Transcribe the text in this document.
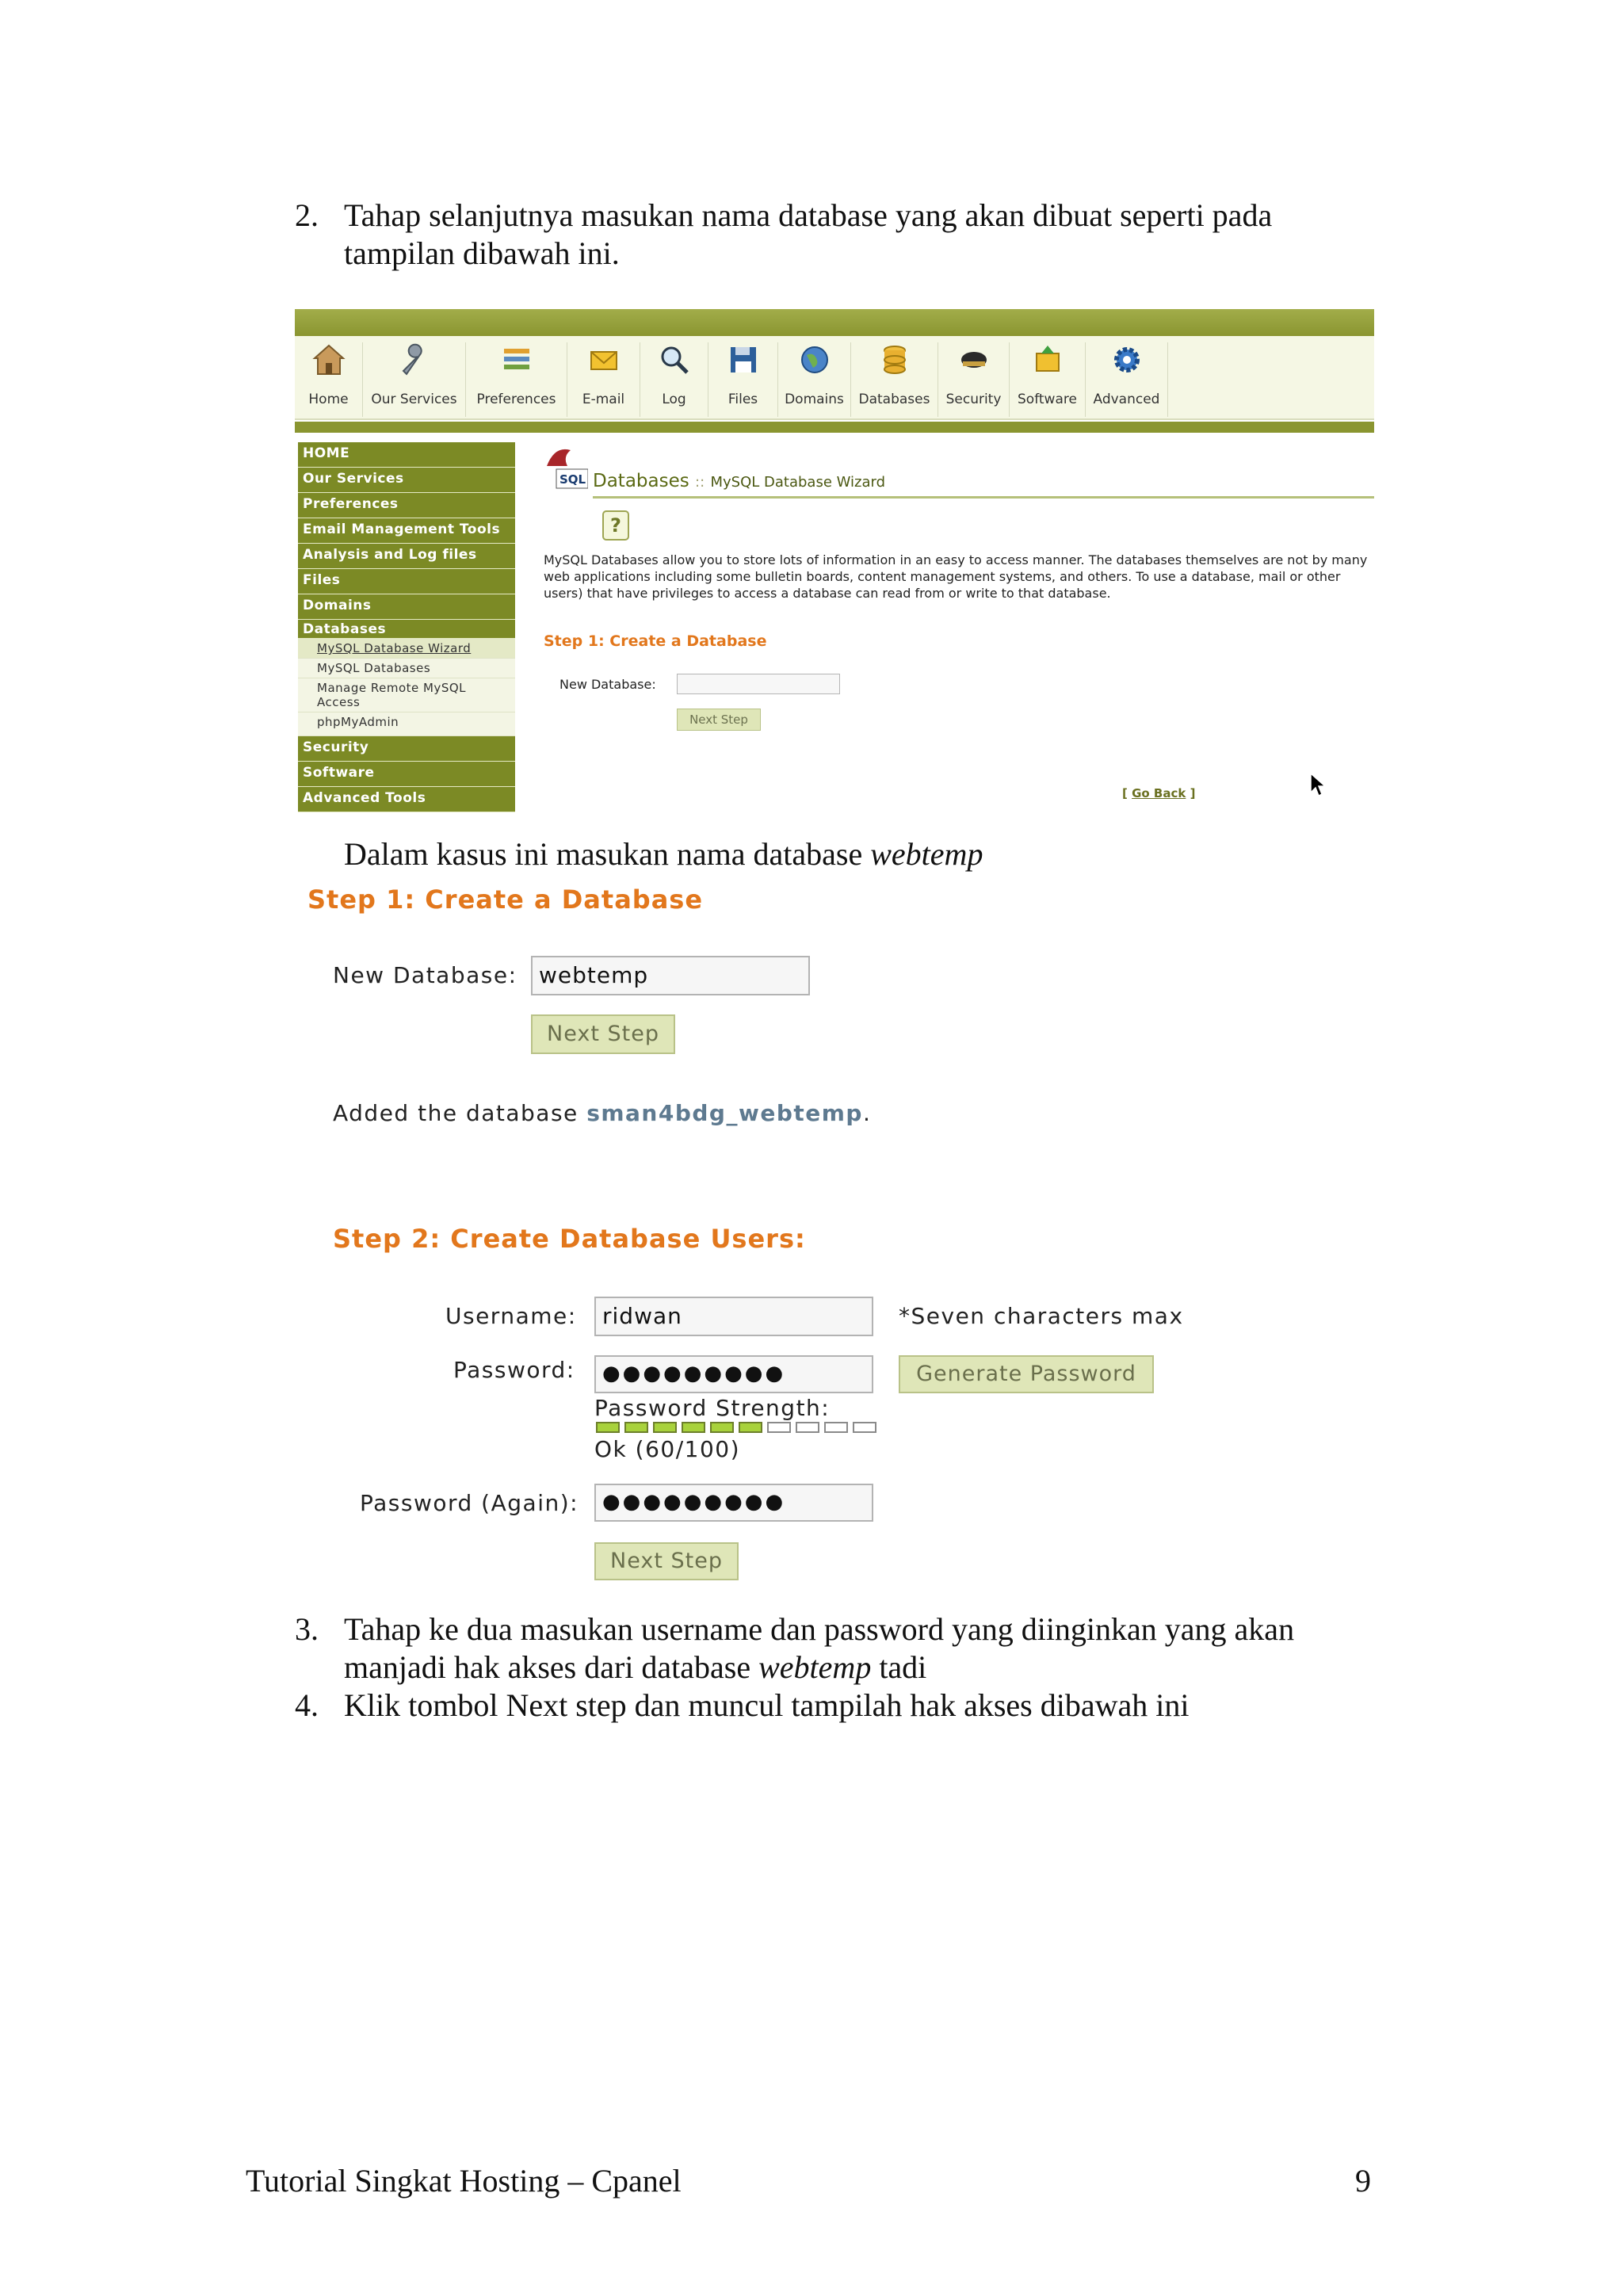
2. Tahap selanjutnya masukan nama database yang akan dibuat seperti pada
tampilan dibawah ini.
Home	Our Services	Preferences	E-mail	Log	Files	Domains	Databases	Security	Software	Advanced
HOME
Our Services
Preferences
Email Management Tools
Analysis and Log files
Files
Domains
Databases
MySQL Database Wizard
MySQL Databases
Manage Remote MySQL Access
phpMyAdmin
Security
Software
Advanced Tools
SQL Databases :: MySQL Database Wizard
?
MySQL Databases allow you to store lots of information in an easy to access manner. The databases themselves are not by many web applications including some bulletin boards, content management systems, and others. To use a database, mail or other users) that have privileges to access a database can read from or write to that database.
Step 1: Create a Database
New Database:
Next Step
[ Go Back ]
Dalam kasus ini masukan nama database webtemp
Step 1: Create a Database
New Database: webtemp
Next Step
Added the database sman4bdg_webtemp.
Step 2: Create Database Users:
Username:	ridwan	*Seven characters max
Password:	●●●●●●●●●	Generate Password
Password Strength:
Ok (60/100)
Password (Again):	●●●●●●●●●
Next Step
3. Tahap ke dua masukan username dan password yang diinginkan yang akan
manjadi hak akses dari database webtemp tadi
4. Klik tombol Next step dan muncul tampilah hak akses dibawah ini
Tutorial Singkat Hosting – Cpanel	9
